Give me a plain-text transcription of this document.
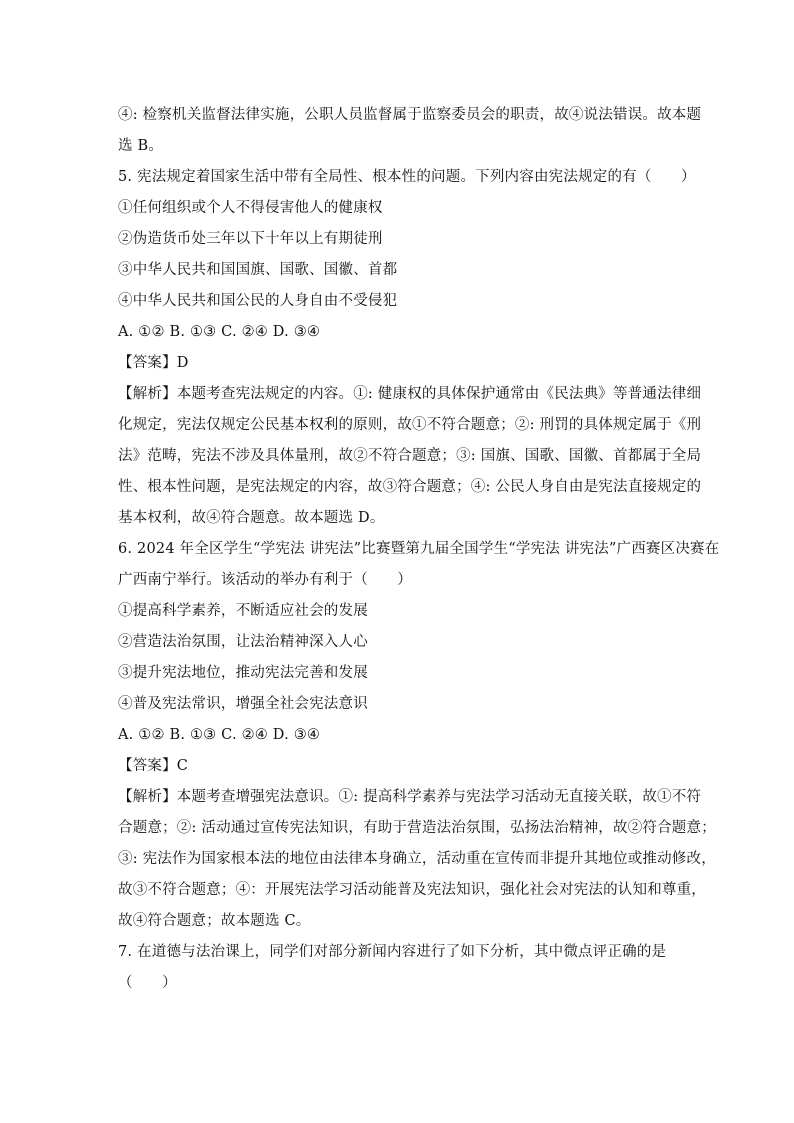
④: 检察机关监督法律实施，公职人员监督属于监察委员会的职责，故④说法错误。故本题
选 B。
5. 宪法规定着国家生活中带有全局性、根本性的问题。下列内容由宪法规定的有（　　）
①任何组织或个人不得侵害他人的健康权
②伪造货币处三年以下十年以上有期徒刑
③中华人民共和国国旗、国歌、国徽、首都
④中华人民共和国公民的人身自由不受侵犯
A. ①② B. ①③ C. ②④ D. ③④
【答案】D
【解析】本题考查宪法规定的内容。①: 健康权的具体保护通常由《民法典》等普通法律细
化规定，宪法仅规定公民基本权利的原则，故①不符合题意；②: 刑罚的具体规定属于《刑
法》范畴，宪法不涉及具体量刑，故②不符合题意；③: 国旗、国歌、国徽、首都属于全局
性、根本性问题，是宪法规定的内容，故③符合题意；④: 公民人身自由是宪法直接规定的
基本权利，故④符合题意。故本题选 D。
6. 2024 年全区学生“学宪法 讲宪法”比赛暨第九届全国学生“学宪法 讲宪法”广西赛区决赛在
广西南宁举行。该活动的举办有利于（　　）
①提高科学素养，不断适应社会的发展
②营造法治氛围，让法治精神深入人心
③提升宪法地位，推动宪法完善和发展
④普及宪法常识，增强全社会宪法意识
A. ①② B. ①③ C. ②④ D. ③④
【答案】C
【解析】本题考查增强宪法意识。①: 提高科学素养与宪法学习活动无直接关联，故①不符
合题意；②: 活动通过宣传宪法知识，有助于营造法治氛围，弘扬法治精神，故②符合题意；
③: 宪法作为国家根本法的地位由法律本身确立，活动重在宣传而非提升其地位或推动修改，
故③不符合题意；④：开展宪法学习活动能普及宪法知识，强化社会对宪法的认知和尊重，
故④符合题意；故本题选 C。
7. 在道德与法治课上，同学们对部分新闻内容进行了如下分析，其中微点评正确的是
（　　）
